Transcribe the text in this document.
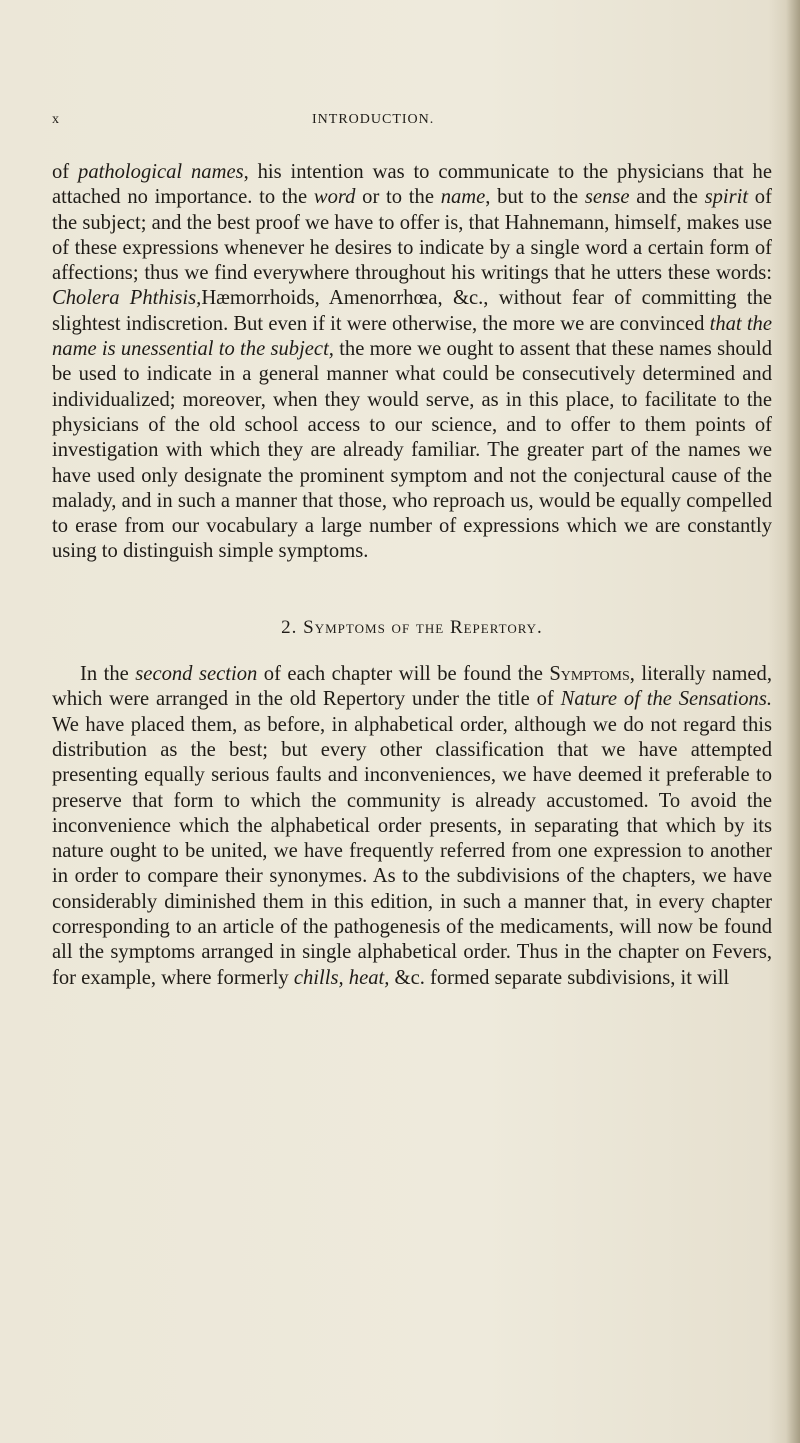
x	INTRODUCTION.

of pathological names, his intention was to communicate to the physicians that he attached no importance. to the word or to the name, but to the sense and the spirit of the subject; and the best proof we have to offer is, that Hahnemann, himself, makes use of these expressions whenever he desires to indicate by a single word a certain form of affections; thus we find everywhere throughout his writings that he utters these words: Cholera Phthisis,Hæmorrhoids, Amenorrhœa, &c., without fear of committing the slightest indiscretion. But even if it were otherwise, the more we are convinced that the name is unessential to the subject, the more we ought to assent that these names should be used to indicate in a general manner what could be consecutively determined and individualized; moreover, when they would serve, as in this place, to facilitate to the physicians of the old school access to our science, and to offer to them points of investigation with which they are already familiar. The greater part of the names we have used only designate the prominent symptom and not the conjectural cause of the malady, and in such a manner that those, who reproach us, would be equally compelled to erase from our vocabulary a large number of expressions which we are constantly using to distinguish simple symptoms.

2. Symptoms of the Repertory.

In the second section of each chapter will be found the Symptoms, literally named, which were arranged in the old Repertory under the title of Nature of the Sensations. We have placed them, as before, in alphabetical order, although we do not regard this distribution as the best; but every other classification that we have attempted presenting equally serious faults and inconveniences, we have deemed it preferable to preserve that form to which the community is already accustomed. To avoid the inconvenience which the alphabetical order presents, in separating that which by its nature ought to be united, we have frequently referred from one expression to another in order to compare their synonymes. As to the subdivisions of the chapters, we have considerably diminished them in this edition, in such a manner that, in every chapter corresponding to an article of the pathogenesis of the medicaments, will now be found all the symptoms arranged in single alphabetical order. Thus in the chapter on Fevers, for example, where formerly chills, heat, &c. formed separate subdivisions, it will
